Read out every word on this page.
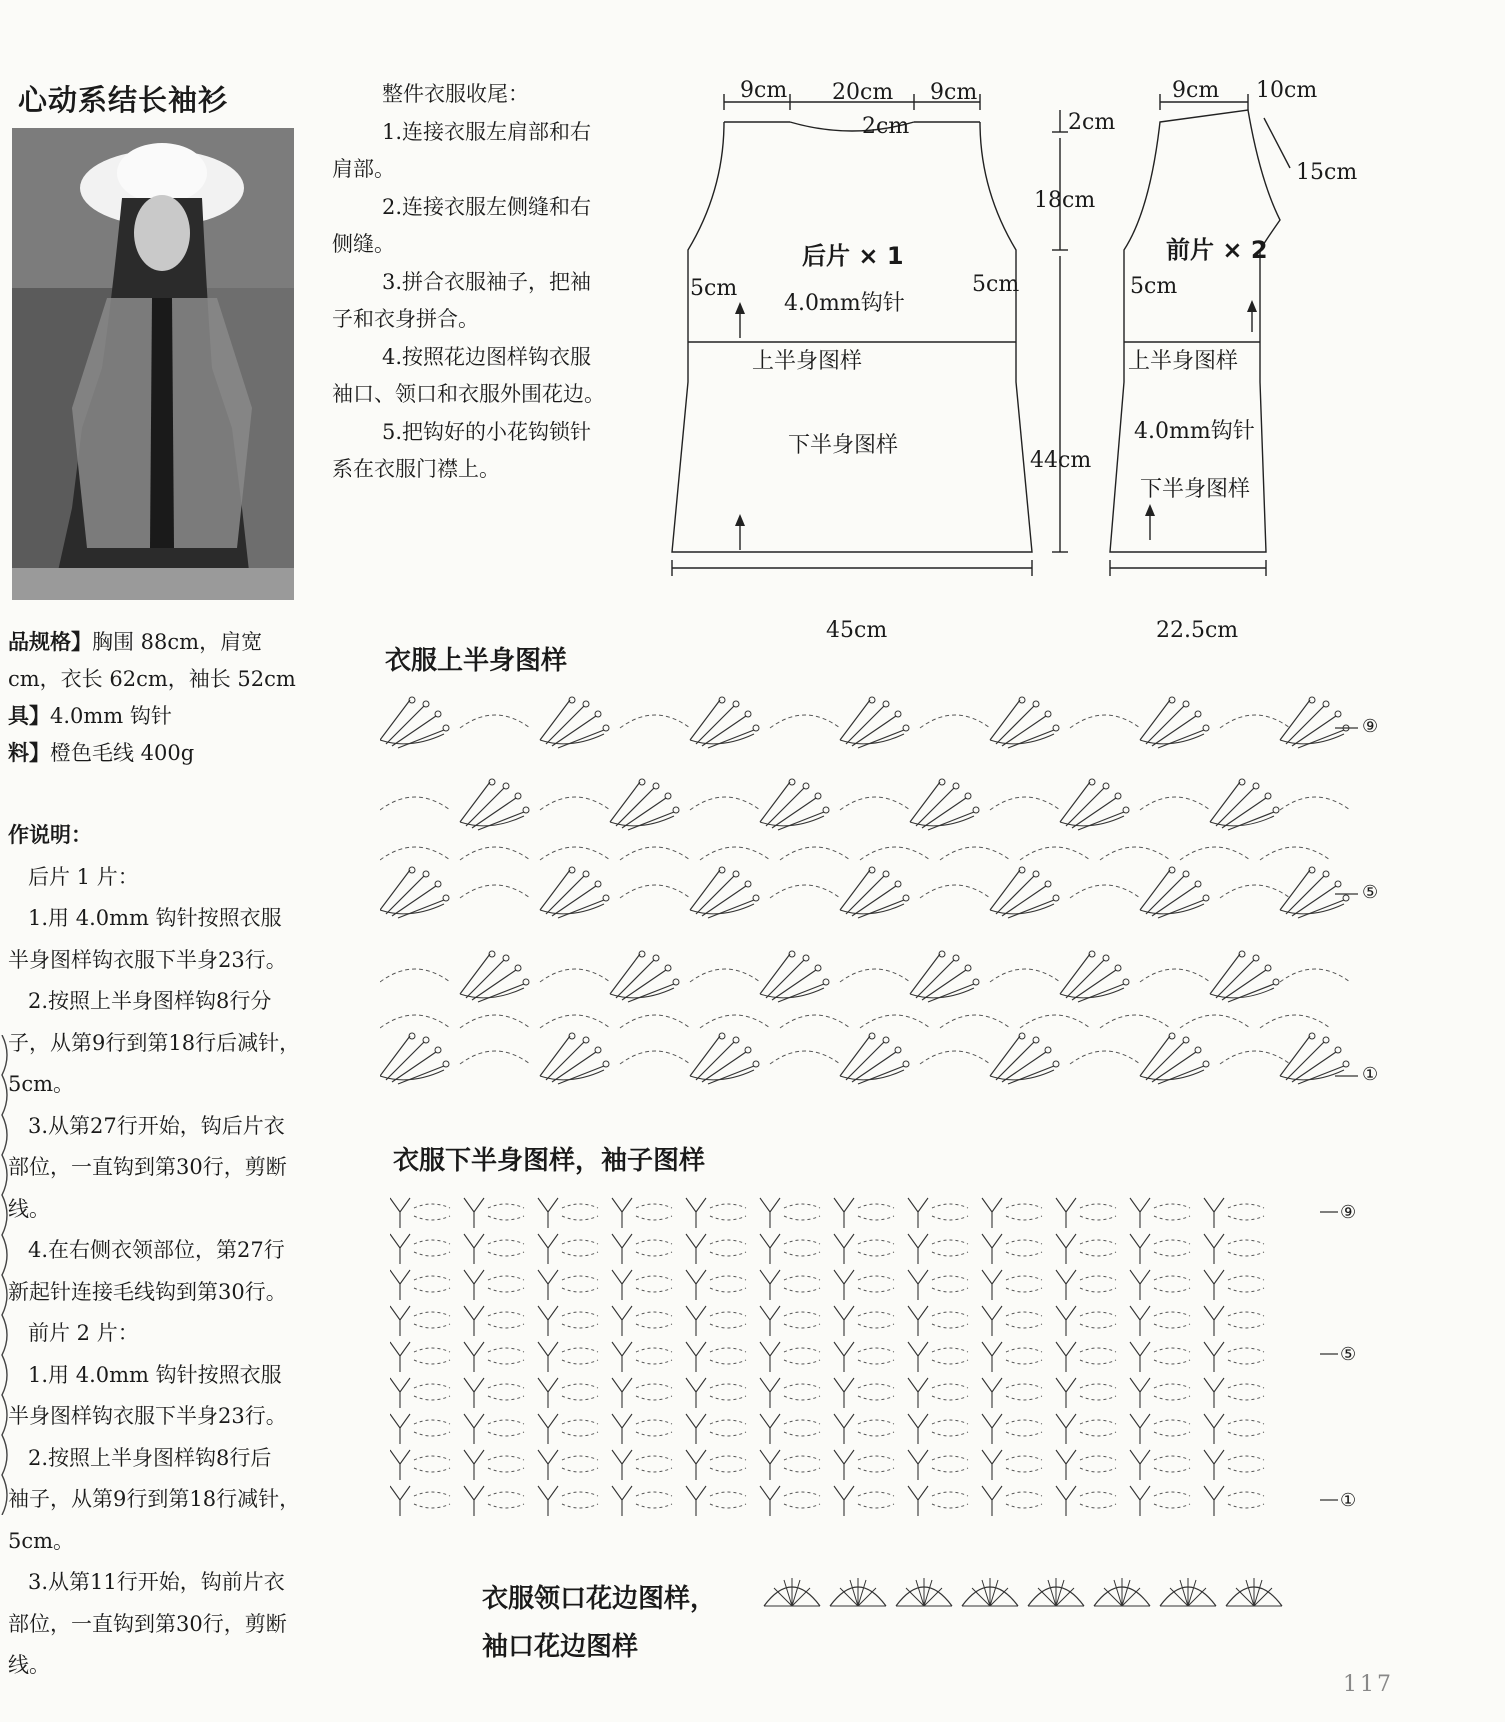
心动系结长袖衫
品规格】胸围 88cm，肩宽
cm，衣长 62cm，袖长 52cm
具】4.0mm 钩针
料】橙色毛线 400g
作说明：
后片 1 片：
1.用 4.0mm 钩针按照衣服
半身图样钩衣服下半身23行。
2.按照上半身图样钩8行分
子，从第9行到第18行后减针，
5cm。
3.从第27行开始，钩后片衣
部位，一直钩到第30行，剪断
线。
4.在右侧衣领部位，第27行
新起针连接毛线钩到第30行。
前片 2 片：
1.用 4.0mm 钩针按照衣服
半身图样钩衣服下半身23行。
2.按照上半身图样钩8行后
袖子，从第9行到第18行减针，
5cm。
3.从第11行开始，钩前片衣
部位，一直钩到第30行，剪断
线。
整件衣服收尾：
1.连接衣服左肩部和右
肩部。
2.连接衣服左侧缝和右
侧缝。
3.拼合衣服袖子，把袖
子和衣身拼合。
4.按照花边图样钩衣服
袖口、领口和衣服外围花边。
5.把钩好的小花钩锁针
系在衣服门襟上。
9cm 20cm 9cm
2cm	2cm
18cm
44cm
后片 × 1
4.0mm钩针
5cm	5cm
上半身图样
下半身图样
45cm
9cm 10cm
15cm
前片 × 2
5cm
上半身图样
4.0mm钩针
下半身图样
22.5cm
衣服上半身图样
⑨
⑤
①
衣服下半身图样，袖子图样
⑨
⑤
①
衣服领口花边图样，
袖口花边图样
117
